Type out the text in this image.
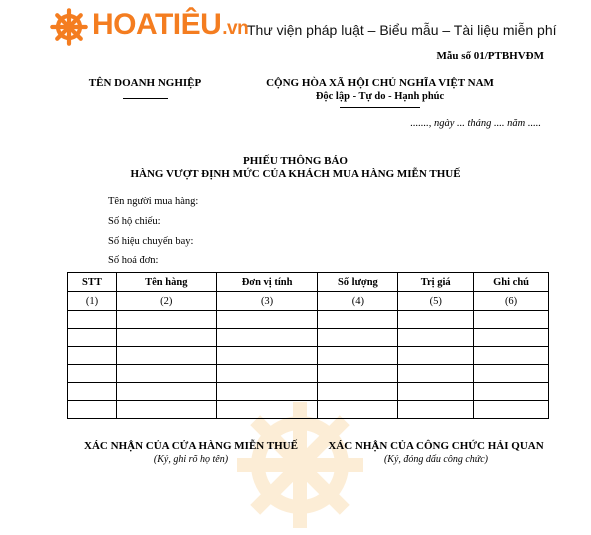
HOATIÊU.vn
Thư viện pháp luật – Biểu mẫu – Tài liệu miễn phí
Mẫu số 01/PTBHVĐM
TÊN DOANH NGHIỆP	CỘNG HÒA XÃ HỘI CHỦ NGHĨA VIỆT NAM
Độc lập - Tự do - Hạnh phúc
......., ngày ... tháng .... năm .....
PHIẾU THÔNG BÁO
HÀNG VƯỢT ĐỊNH MỨC CỦA KHÁCH MUA HÀNG MIỄN THUẾ
Tên người mua hàng:
Số hộ chiếu:
Số hiệu chuyến bay:
Số hoá đơn:
STT	Tên hàng	Đơn vị tính	Số lượng	Trị giá	Ghi chú
(1)	(2)	(3)	(4)	(5)	(6)

XÁC NHẬN CỦA CỬA HÀNG MIỄN THUẾ
(Ký, ghi rõ họ tên)
XÁC NHẬN CỦA CÔNG CHỨC HẢI QUAN
(Ký, đóng dấu công chức)
